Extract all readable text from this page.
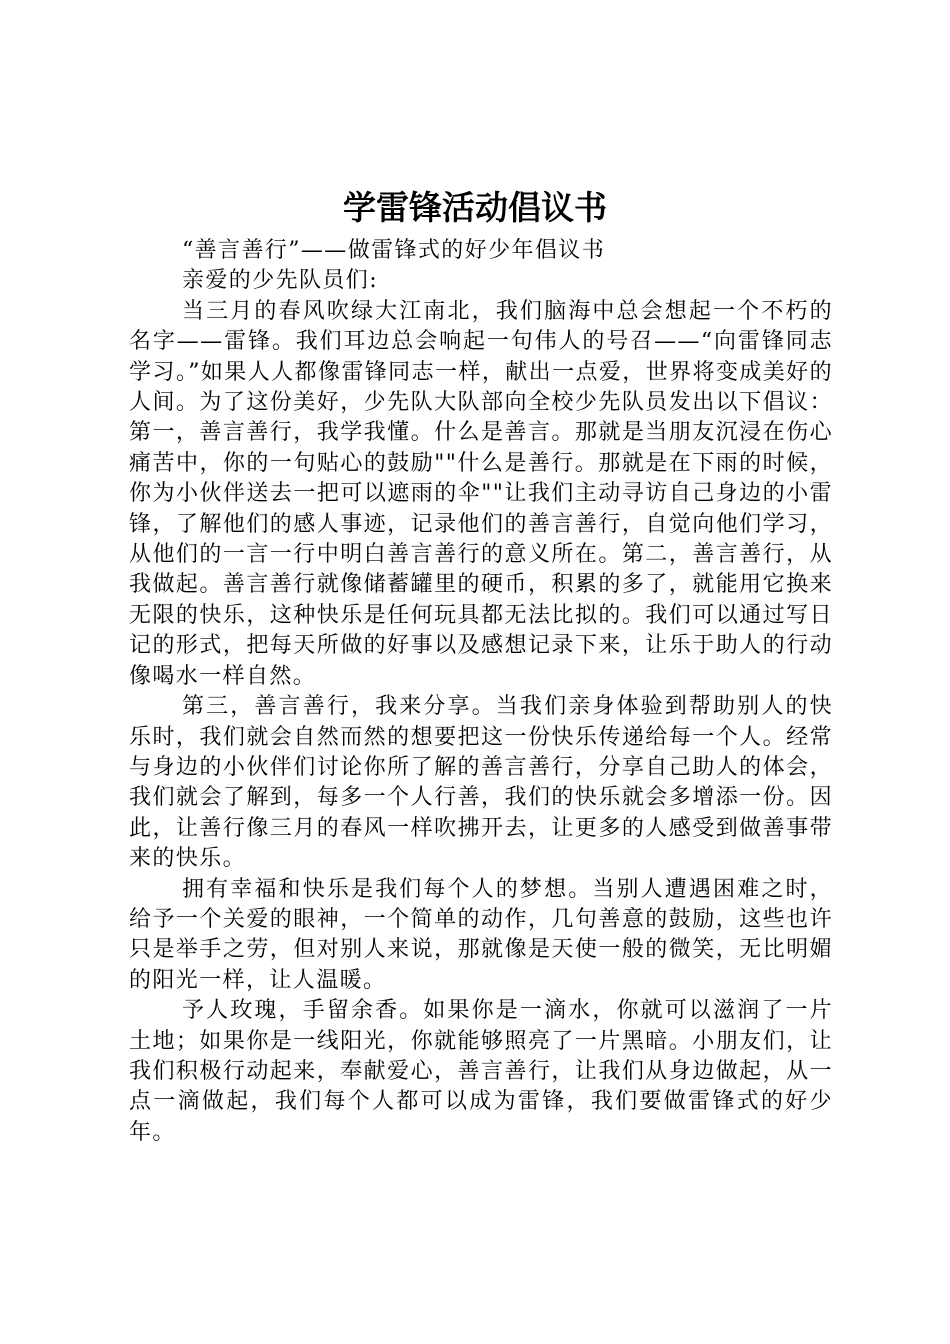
学雷锋活动倡议书

“善言善行”——做雷锋式的好少年倡议书

亲爱的少先队员们:

当三月的春风吹绿大江南北，我们脑海中总会想起一个不朽的名字——雷锋。我们耳边总会响起一句伟人的号召——“向雷锋同志学习。”如果人人都像雷锋同志一样，献出一点爱，世界将变成美好的人间。为了这份美好，少先队大队部向全校少先队员发出以下倡议：第一，善言善行，我学我懂。什么是善言。那就是当朋友沉浸在伤心痛苦中，你的一句贴心的鼓励""什么是善行。那就是在下雨的时候，你为小伙伴送去一把可以遮雨的伞""让我们主动寻访自己身边的小雷锋，了解他们的感人事迹，记录他们的善言善行，自觉向他们学习，从他们的一言一行中明白善言善行的意义所在。第二，善言善行，从我做起。善言善行就像储蓄罐里的硬币，积累的多了，就能用它换来无限的快乐，这种快乐是任何玩具都无法比拟的。我们可以通过写日记的形式，把每天所做的好事以及感想记录下来，让乐于助人的行动像喝水一样自然。

第三，善言善行，我来分享。当我们亲身体验到帮助别人的快乐时，我们就会自然而然的想要把这一份快乐传递给每一个人。经常与身边的小伙伴们讨论你所了解的善言善行，分享自己助人的体会，我们就会了解到，每多一个人行善，我们的快乐就会多增添一份。因此，让善行像三月的春风一样吹拂开去，让更多的人感受到做善事带来的快乐。

拥有幸福和快乐是我们每个人的梦想。当别人遭遇困难之时，给予一个关爱的眼神，一个简单的动作，几句善意的鼓励，这些也许只是举手之劳，但对别人来说，那就像是天使一般的微笑，无比明媚的阳光一样，让人温暖。

予人玫瑰，手留余香。如果你是一滴水，你就可以滋润了一片土地；如果你是一线阳光，你就能够照亮了一片黑暗。小朋友们，让我们积极行动起来，奉献爱心，善言善行，让我们从身边做起，从一点一滴做起，我们每个人都可以成为雷锋，我们要做雷锋式的好少年。
